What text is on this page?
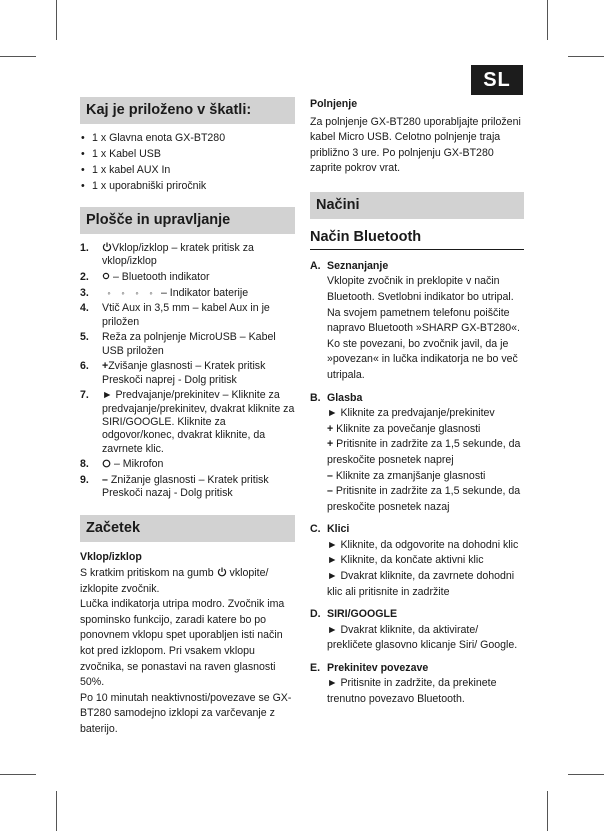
SL
Kaj je priloženo v škatli:
• 1 x Glavna enota GX-BT280
• 1 x Kabel USB
• 1 x kabel AUX In
• 1 x uporabniški priročnik
Plošče in upravljanje
1.	Vklop/izklop – kratek pritisk za vklop/izklop
2.	– Bluetooth indikator
3.	◦ ◦ ◦ ◦ – Indikator baterije
4.	Vtič Aux in 3,5 mm – kabel Aux in je priložen
5.	Reža za polnjenje MicroUSB – Kabel USB priložen
6.	+Zvišanje glasnosti – Kratek pritisk Preskoči naprej - Dolg pritisk
7.	► Predvajanje/prekinitev – Kliknite za predvajanje/prekinitev, dvakrat kliknite za SIRI/GOOGLE. Kliknite za odgovor/konec, dvakrat kliknite, da zavrnete klic.
8.	– Mikrofon
9.	– Znižanje glasnosti – Kratek pritisk Preskoči nazaj - Dolg pritisk
Začetek
Vklop/izklop
S kratkim pritiskom na gumb  vklopite/ izklopite zvočnik.
Lučka indikatorja utripa modro. Zvočnik ima spominsko funkcijo, zaradi katere bo po ponovnem vklopu spet uporabljen isti način kot pred izklopom. Pri vsakem vklopu zvočnika, se ponastavi na raven glasnosti 50%.
Po 10 minutah neaktivnosti/povezave se GX-BT280 samodejno izklopi za varčevanje z baterijo.
Polnjenje
Za polnjenje GX-BT280 uporabljajte priloženi kabel Micro USB. Celotno polnjenje traja približno 3 ure. Po polnjenju GX-BT280 zaprite pokrov vrat.
Načini
Način Bluetooth
A. Seznanjanje
Vklopite zvočnik in preklopite v način Bluetooth. Svetlobni indikator bo utripal. Na svojem pametnem telefonu poiščite napravo Bluetooth »SHARP GX-BT280«. Ko ste povezani, bo zvočnik javil, da je »povezan« in lučka indikatorja ne bo več utripala.
B. Glasba
► Kliknite za predvajanje/prekinitev
+ Kliknite za povečanje glasnosti
+ Pritisnite in zadržite za 1,5 sekunde, da preskočite posnetek naprej
– Kliknite za zmanjšanje glasnosti
– Pritisnite in zadržite za 1,5 sekunde, da preskočite posnetek nazaj
C. Klici
► Kliknite, da odgovorite na dohodni klic
► Kliknite, da končate aktivni klic
► Dvakrat kliknite, da zavrnete dohodni klic ali pritisnite in zadržite
D. SIRI/GOOGLE
► Dvakrat kliknite, da aktivirate/ prekličete glasovno klicanje Siri/ Google.
E. Prekinitev povezave
► Pritisnite in zadržite, da prekinete trenutno povezavo Bluetooth.
